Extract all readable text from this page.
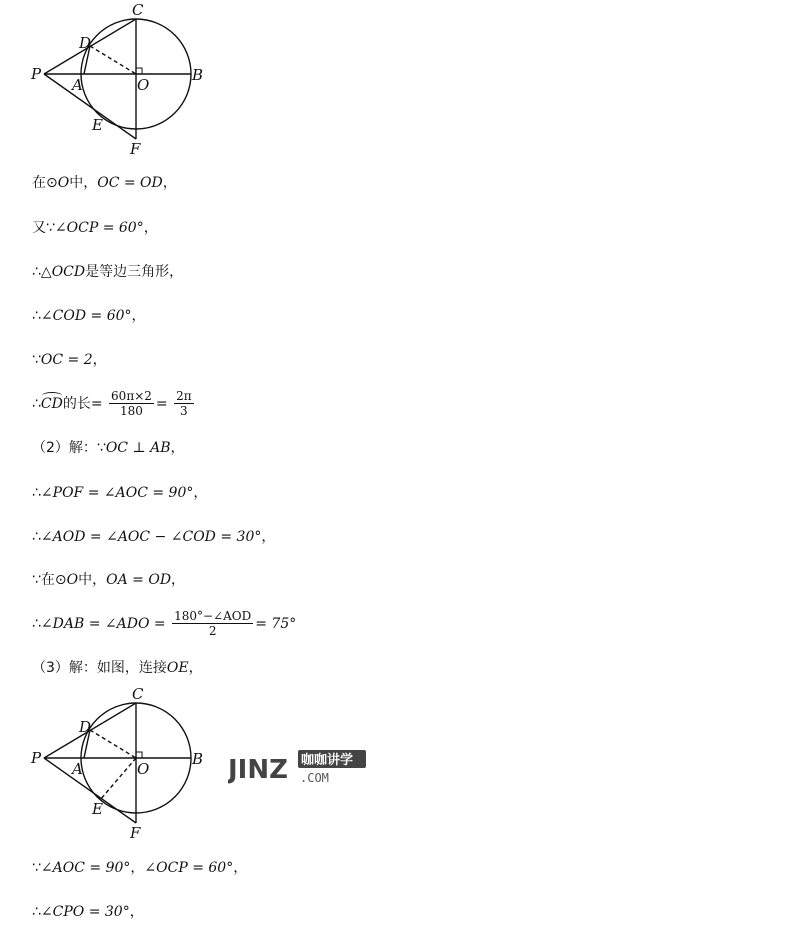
C
D
P
A	O
B
E
F
在⊙O中，OC = OD，
又∵∠OCP = 60°，
∴△OCD是等边三角形，
∴∠COD = 60°，
∵OC = 2，
∴CD的长= $\frac{60\pi\times 2}{180} = \frac{2\pi}{3}$
（2）解：∵OC ⊥ AB，
∴∠POF = ∠AOC = 90°，
∴∠AOD = ∠AOC − ∠COD = 30°，
∵在⊙O中，OA = OD，
∴∠DAB = ∠ADO = $\frac{\text{180°−∠AOD}}{2} = 75^\circ$
（3）解：如图，连接OE，
C
D
P
A	O
B
E
F
JINZ 咖咖讲学
.COM
∵∠AOC = 90°，∠OCP = 60°，
∴∠CPO = 30°，
